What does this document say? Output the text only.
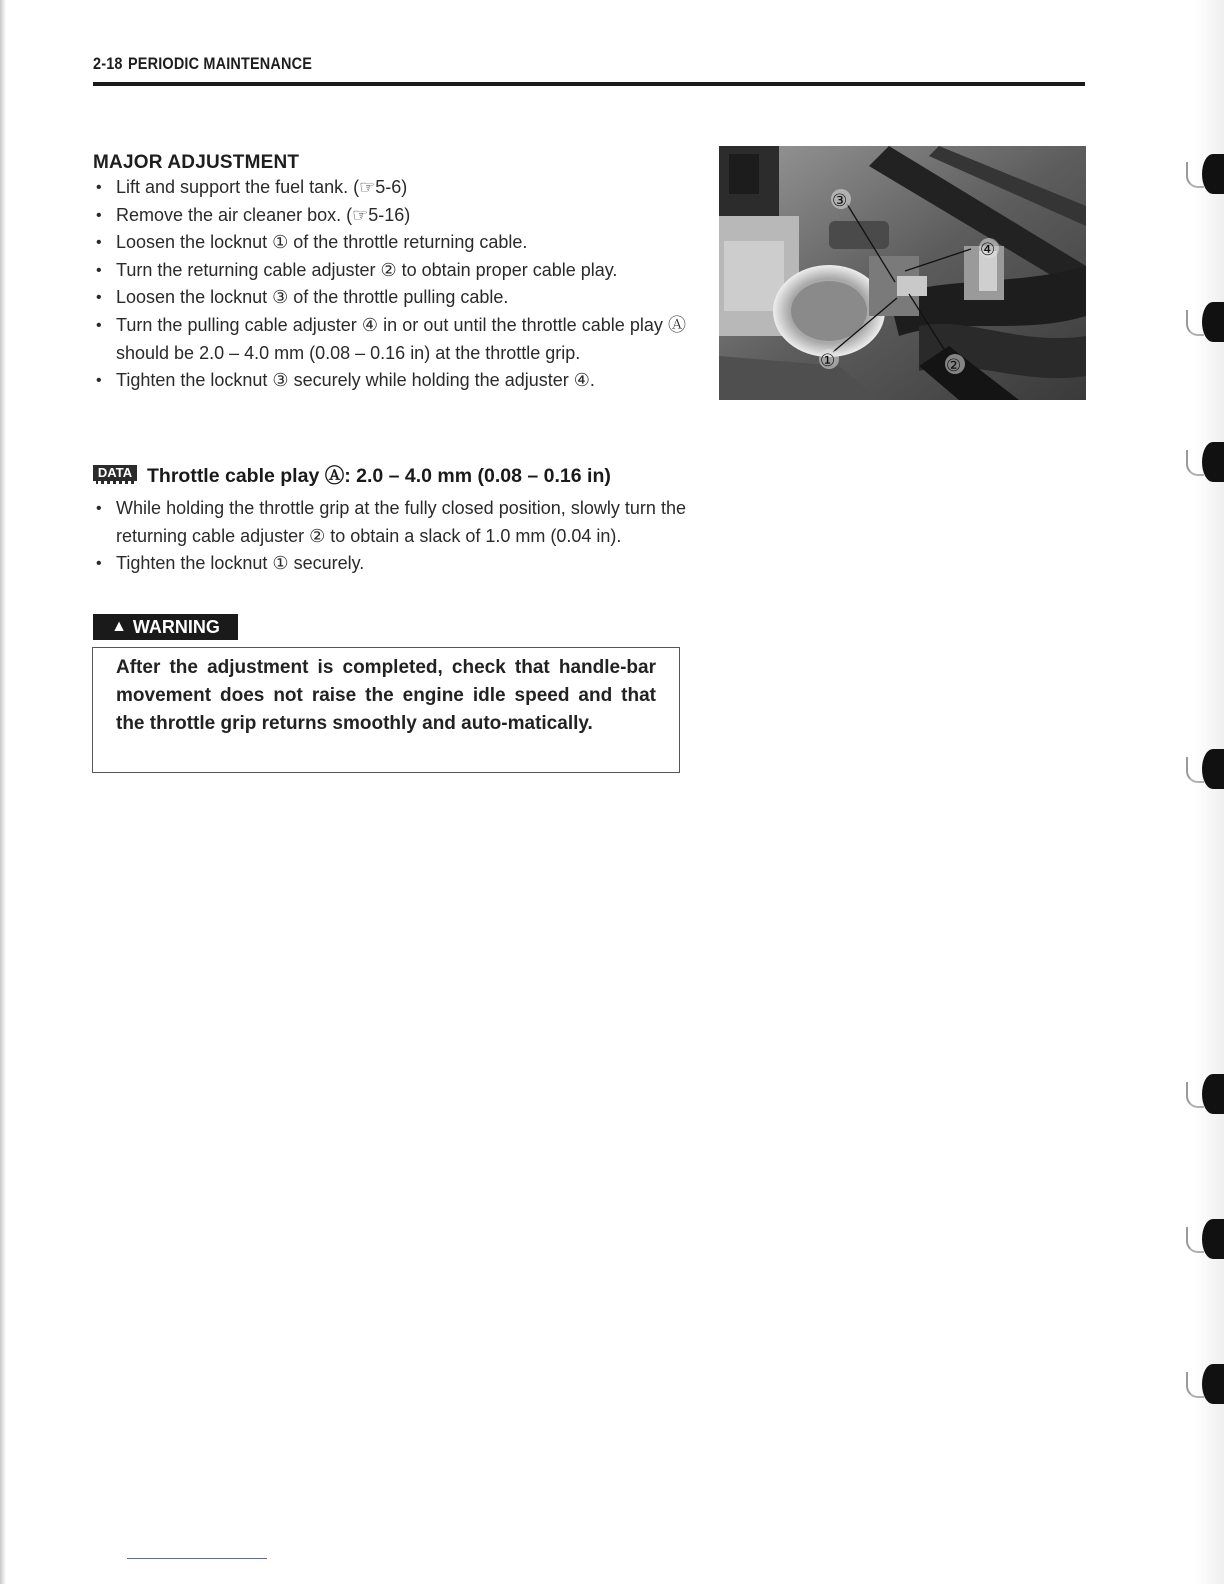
2-18 PERIODIC MAINTENANCE
MAJOR ADJUSTMENT
• Lift and support the fuel tank. (☞5-6)
• Remove the air cleaner box. (☞5-16)
• Loosen the locknut ① of the throttle returning cable.
• Turn the returning cable adjuster ② to obtain proper cable play.
• Loosen the locknut ③ of the throttle pulling cable.
• Turn the pulling cable adjuster ④ in or out until the throttle cable play Ⓐ should be 2.0 – 4.0 mm (0.08 – 0.16 in) at the throttle grip.
• Tighten the locknut ③ securely while holding the adjuster ④.
DATA Throttle cable play Ⓐ: 2.0 – 4.0 mm (0.08 – 0.16 in)
• While holding the throttle grip at the fully closed position, slowly turn the returning cable adjuster ② to obtain a slack of 1.0 mm (0.04 in).
• Tighten the locknut ① securely.
▲ WARNING

After the adjustment is completed, check that handle-bar movement does not raise the engine idle speed and that the throttle grip returns smoothly and auto-matically.

③
④
①	②
